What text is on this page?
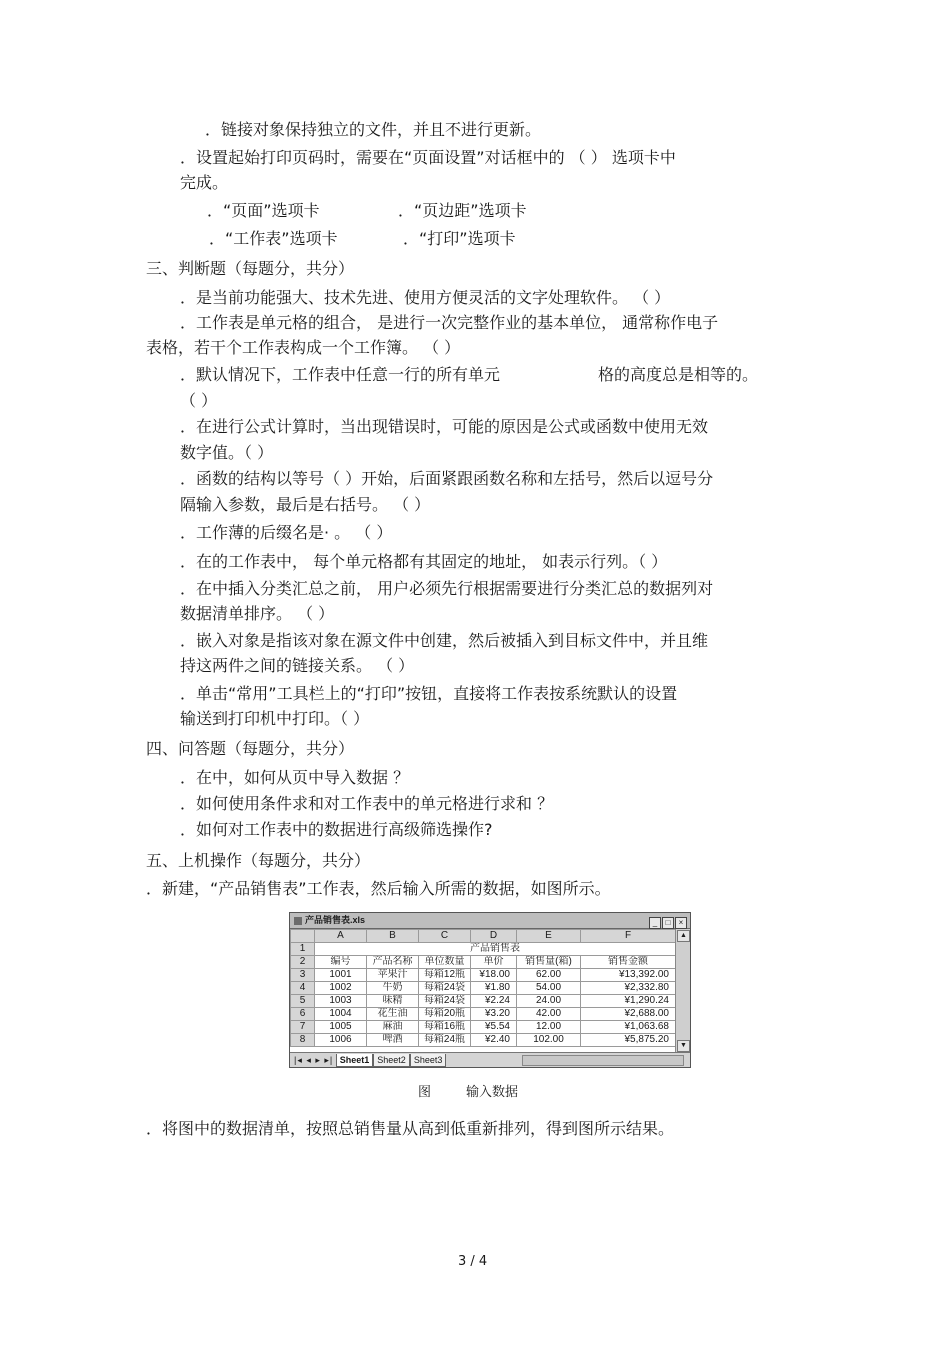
．链接对象保持独立的文件，并且不进行更新。
．设置起始打印页码时，需要在“页面设置”对话框中的 （ ） 选项卡中
完成。
．“页面”选项卡	．“页边距”选项卡
．“工作表”选项卡	．“打印”选项卡
三、判断题（每题分，共分）
．是当前功能强大、技术先进、使用方便灵活的文字处理软件。 （ ）
．工作表是单元格的组合， 是进行一次完整作业的基本单位， 通常称作电子
表格，若干个工作表构成一个工作簿。 （ ）
．默认情况下，工作表中任意一行的所有单元	格的高度总是相等的。
（ ）
．在进行公式计算时，当出现错误时，可能的原因是公式或函数中使用无效
数字值。（ ）
．函数的结构以等号（ ）开始，后面紧跟函数名称和左括号，然后以逗号分
隔输入参数，最后是右括号。 （ ）
．工作薄的后缀名是· 。 （ ）
．在的工作表中， 每个单元格都有其固定的地址， 如表示行列。（ ）
．在中插入分类汇总之前， 用户必须先行根据需要进行分类汇总的数据列对
数据清单排序。 （ ）
．嵌入对象是指该对象在源文件中创建，然后被插入到目标文件中，并且维
持这两件之间的链接关系。 （ ）
．单击“常用”工具栏上的“打印”按钮，直接将工作表按系统默认的设置
输送到打印机中打印。（ ）
四、问答题（每题分，共分）
．在中，如何从页中导入数据 ？
．如何使用条件求和对工作表中的单元格进行求和 ？
．如何对工作表中的数据进行高级筛选操作?
五、上机操作（每题分，共分）
．新建，“产品销售表”工作表，然后输入所需的数据，如图所示。
产品销售表.xls	_ □ ×
	A	B	C	D	E	F
1	产品销售表					
2	编号	产品名称	单位数量	单价	销售量(箱)	销售金额
3	1001	苹果汁	每箱12瓶	¥18.00	62.00	¥13,392.00
4	1002	牛奶	每箱24袋	¥1.80	54.00	¥2,332.80
5	1003	味精	每箱24袋	¥2.24	24.00	¥1,290.24
6	1004	花生油	每箱20瓶	¥3.20	42.00	¥2,688.00
7	1005	麻油	每箱16瓶	¥5.54	12.00	¥1,063.68
8	1006	啤酒	每箱24瓶	¥2.40	102.00	¥5,875.20
▲
▼
|◂ ◂ ▸ ▸| Sheet1 Sheet2 Sheet3
图	输入数据
．将图中的数据清单，按照总销售量从高到低重新排列，得到图所示结果。
3 / 4
